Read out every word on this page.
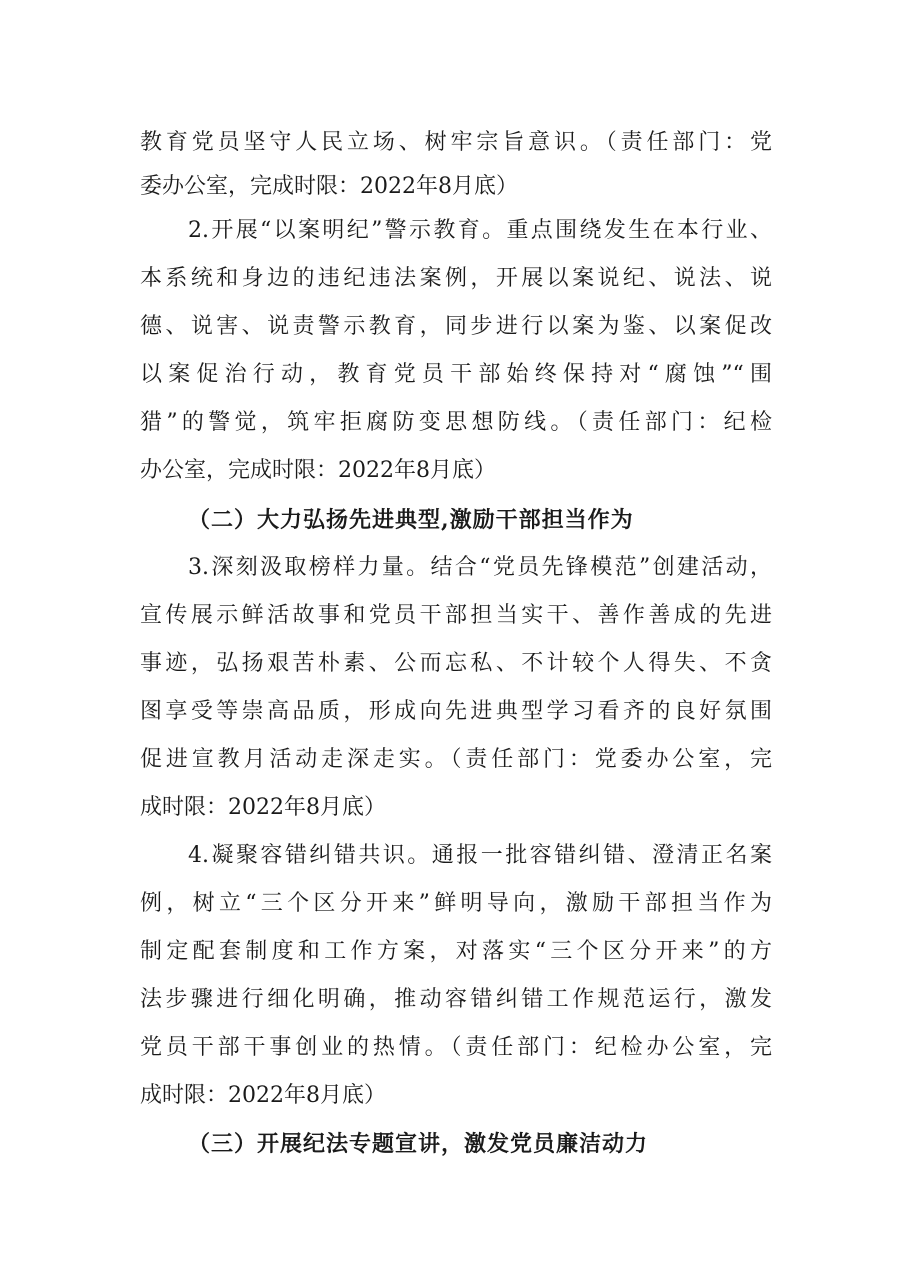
教育党员坚守人民立场、树牢宗旨意识。（责任部门：党
委办公室，完成时限：2022年8月底）
2.开展“以案明纪”警示教育。重点围绕发生在本行业、
本系统和身边的违纪违法案例，开展以案说纪、说法、说
德、说害、说责警示教育，同步进行以案为鉴、以案促改
以案促治行动，教育党员干部始终保持对“腐蚀”“围
猎”的警觉，筑牢拒腐防变思想防线。（责任部门：纪检
办公室，完成时限：2022年8月底）
（二）大力弘扬先进典型,激励干部担当作为
3.深刻汲取榜样力量。结合“党员先锋模范”创建活动，
宣传展示鲜活故事和党员干部担当实干、善作善成的先进
事迹，弘扬艰苦朴素、公而忘私、不计较个人得失、不贪
图享受等崇高品质，形成向先进典型学习看齐的良好氛围
促进宣教月活动走深走实。（责任部门：党委办公室，完
成时限：2022年8月底）
4.凝聚容错纠错共识。通报一批容错纠错、澄清正名案
例，树立“三个区分开来”鲜明导向，激励干部担当作为
制定配套制度和工作方案，对落实“三个区分开来”的方
法步骤进行细化明确，推动容错纠错工作规范运行，激发
党员干部干事创业的热情。（责任部门：纪检办公室，完
成时限：2022年8月底）
（三）开展纪法专题宣讲，激发党员廉洁动力
